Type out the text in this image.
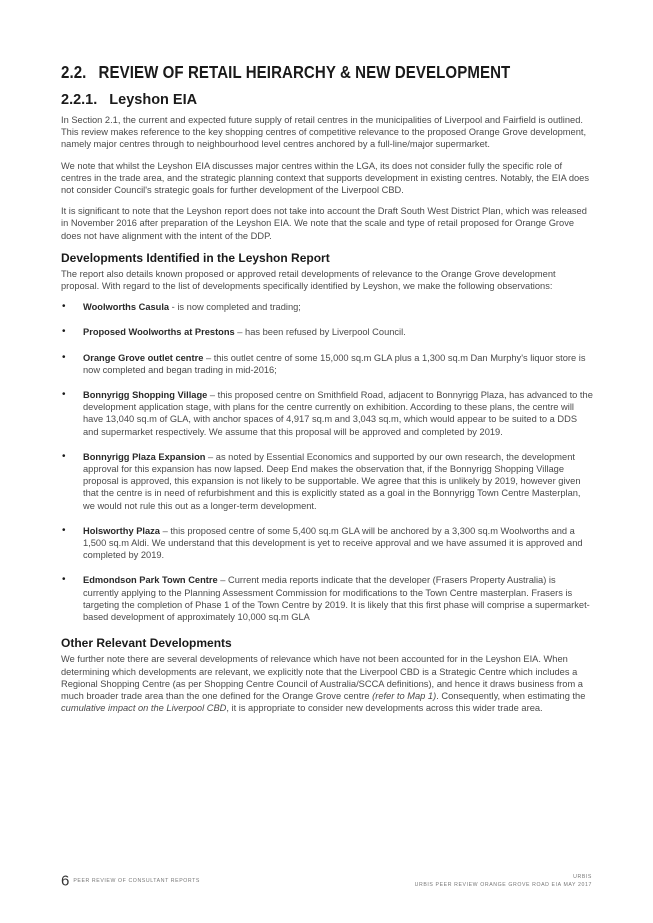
2.2. REVIEW OF RETAIL HEIRARCHY & NEW DEVELOPMENT
2.2.1. Leyshon EIA

In Section 2.1, the current and expected future supply of retail centres in the municipalities of Liverpool and Fairfield is outlined. This review makes reference to the key shopping centres of competitive relevance to the proposed Orange Grove development, namely major centres through to neighbourhood level centres anchored by a full-line/major supermarket.

We note that whilst the Leyshon EIA discusses major centres within the LGA, its does not consider fully the specific role of centres in the trade area, and the strategic planning context that supports development in existing centres. Notably, the EIA does not consider Council's strategic goals for further development of the Liverpool CBD.

It is significant to note that the Leyshon report does not take into account the Draft South West District Plan, which was released in November 2016 after preparation of the Leyshon EIA. We note that the scale and type of retail proposed for Orange Grove does not have alignment with the intent of the DDP.

Developments Identified in the Leyshon Report

The report also details known proposed or approved retail developments of relevance to the Orange Grove development proposal. With regard to the list of developments specifically identified by Leyshon, we make the following observations:

• Woolworths Casula - is now completed and trading;
• Proposed Woolworths at Prestons – has been refused by Liverpool Council.
• Orange Grove outlet centre – this outlet centre of some 15,000 sq.m GLA plus a 1,300 sq.m Dan Murphy's liquor store is now completed and began trading in mid-2016;
• Bonnyrigg Shopping Village – this proposed centre on Smithfield Road, adjacent to Bonnyrigg Plaza, has advanced to the development application stage, with plans for the centre currently on exhibition. According to these plans, the centre will have 13,040 sq.m of GLA, with anchor spaces of 4,917 sq.m and 3,043 sq.m, which would appear to be suited to a DDS and supermarket respectively. We assume that this proposal will be approved and completed by 2019.
• Bonnyrigg Plaza Expansion – as noted by Essential Economics and supported by our own research, the development approval for this expansion has now lapsed. Deep End makes the observation that, if the Bonnyrigg Shopping Village proposal is approved, this expansion is not likely to be supportable. We agree that this is unlikely by 2019, however given that the centre is in need of refurbishment and this is explicitly stated as a goal in the Bonnyrigg Town Centre Masterplan, we would not rule this out as a longer-term development.
• Holsworthy Plaza – this proposed centre of some 5,400 sq.m GLA will be anchored by a 3,300 sq.m Woolworths and a 1,500 sq.m Aldi. We understand that this development is yet to receive approval and we have assumed it is approved and completed by 2019.
• Edmondson Park Town Centre – Current media reports indicate that the developer (Frasers Property Australia) is currently applying to the Planning Assessment Commission for modifications to the Town Centre masterplan. Frasers is targeting the completion of Phase 1 of the Town Centre by 2019. It is likely that this first phase will comprise a supermarket-based development of approximately 10,000 sq.m GLA
Other Relevant Developments

We further note there are several developments of relevance which have not been accounted for in the Leyshon EIA. When determining which developments are relevant, we explicitly note that the Liverpool CBD is a Strategic Centre which includes a Regional Shopping Centre (as per Shopping Centre Council of Australia/SCCA definitions), and hence it draws business from a much broader trade area than the one defined for the Orange Grove centre (refer to Map 1). Consequently, when estimating the cumulative impact on the Liverpool CBD, it is appropriate to consider new developments across this wider trade area.

6 PEER REVIEW OF CONSULTANT REPORTS
URBIS
URBIS PEER REVIEW ORANGE GROVE ROAD EIA MAY 2017
